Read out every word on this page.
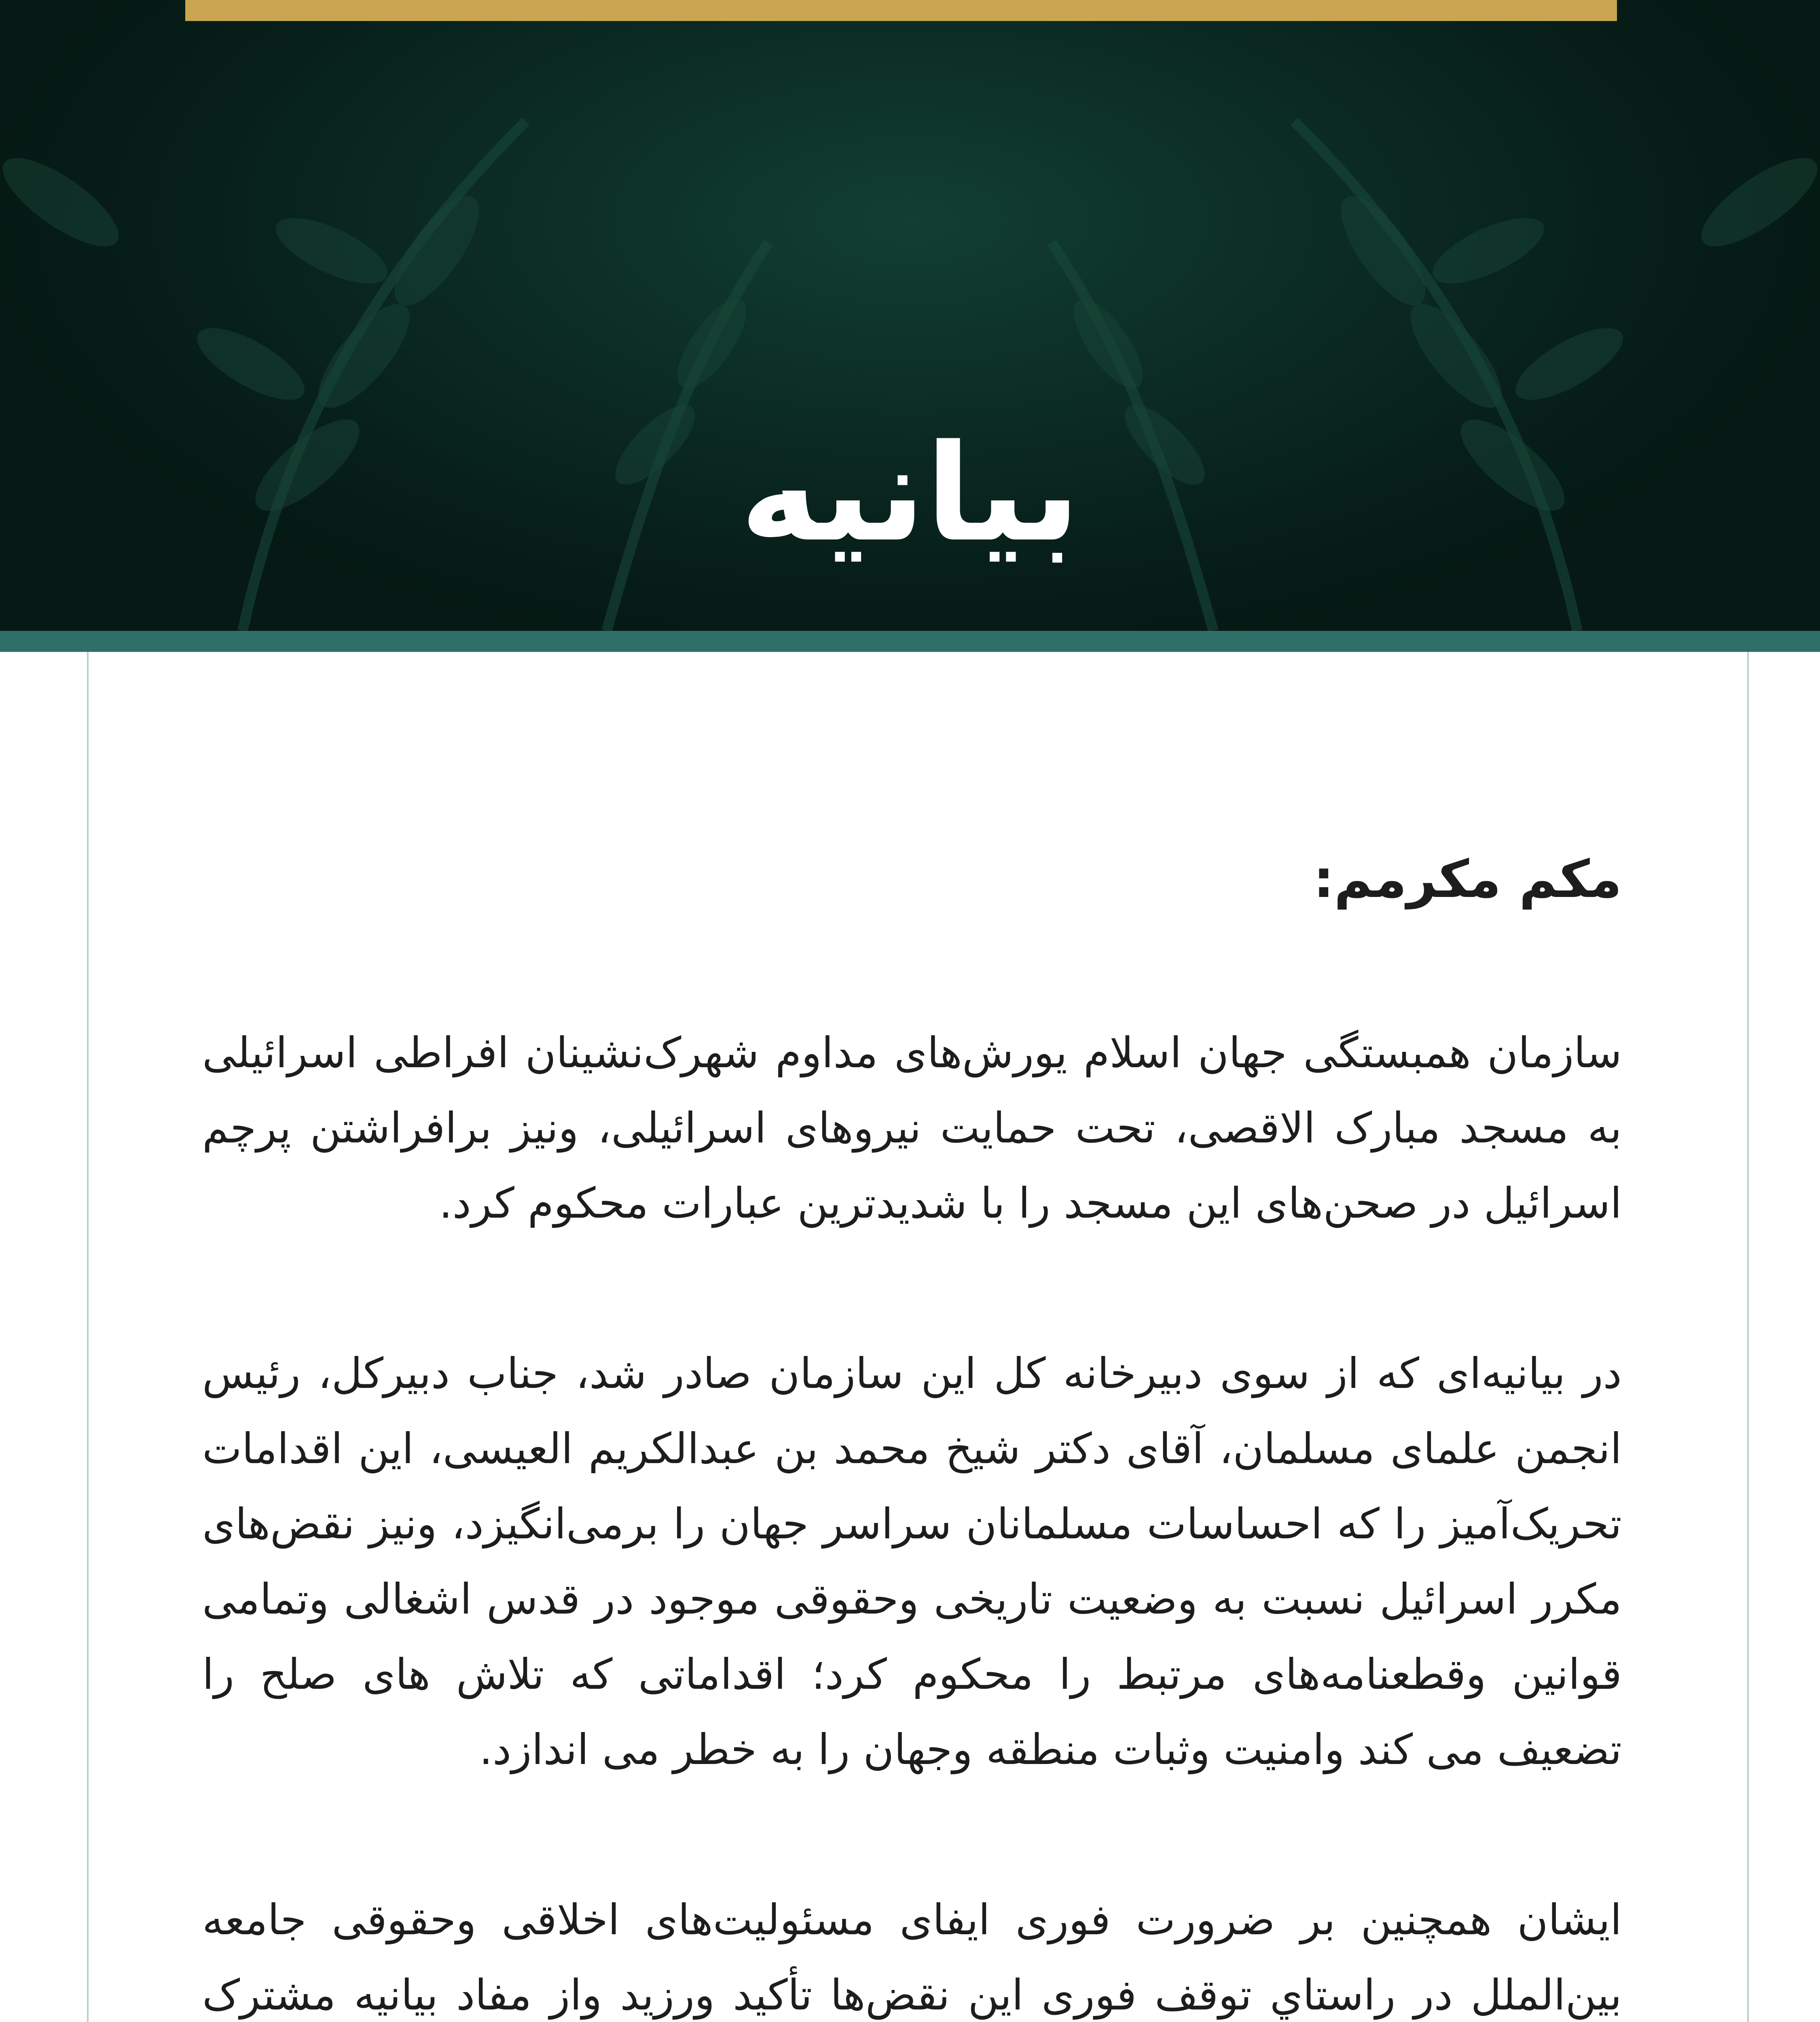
بيانيه
مکم مکرمم:

سازمان همبستگی جهان اسلام یورش‌های مداوم شهرک‌نشینان افراطی اسرائیلی به مسجد مبارک الاقصی، تحت حمایت نیروهای اسرائیلی، ونیز برافراشتن پرچم اسرائیل در صحن‌های این مسجد را با شدیدترین عبارات محکوم کرد.

در بیانیه‌ای که از سوی دبیرخانه کل این سازمان صادر شد، جناب دبیرکل، رئیس انجمن علمای مسلمان، آقای دکتر شیخ محمد بن عبدالکریم العیسی، این اقدامات تحریک‌آمیز را که احساسات مسلمانان سراسر جهان را برمی‌انگیزد، ونیز نقض‌های مکرر اسرائیل نسبت به وضعیت تاریخی وحقوقی موجود در قدس اشغالی وتمامی قوانین وقطعنامه‌های مرتبط را محکوم کرد؛ اقداماتی که تلاش های صلح را تضعیف می کند وامنیت وثبات منطقه وجهان را به خطر می اندازد.

ایشان همچنین بر ضرورت فوری ایفای مسئولیت‌های اخلاقی وحقوقی جامعه بین‌الملل در راستاي توقف فوری این نقض‌ها تأکید ورزید واز مفاد بیانیه مشترک
